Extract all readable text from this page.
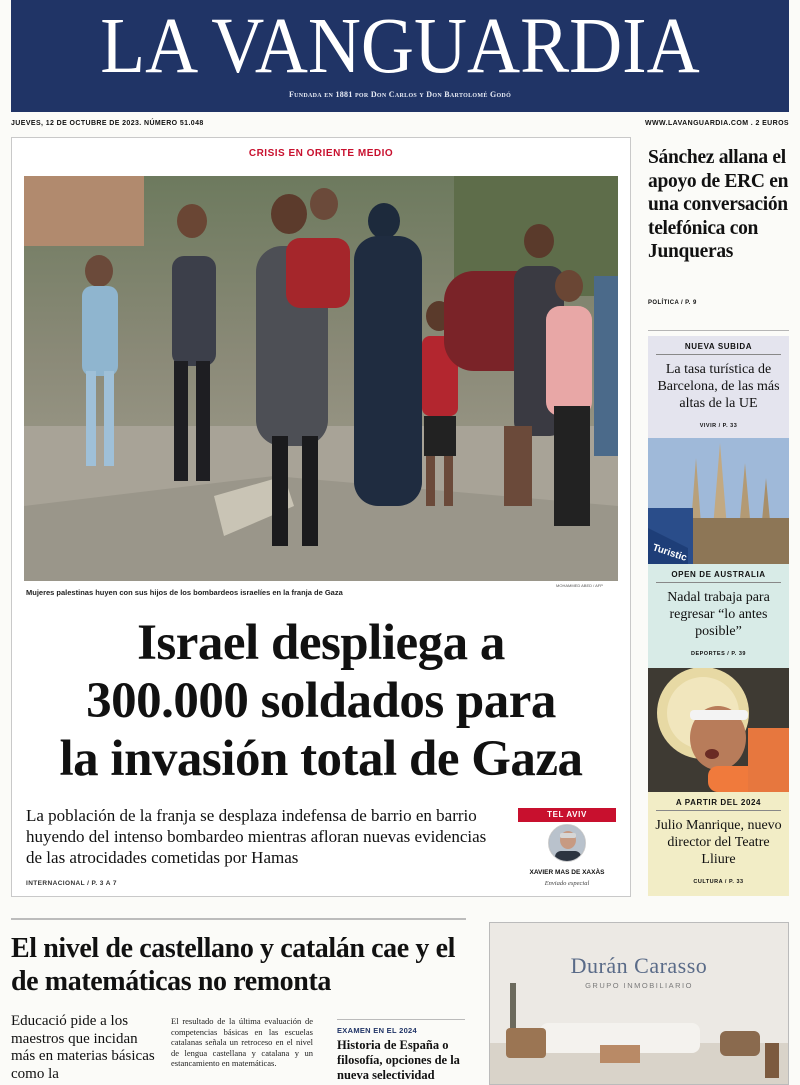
LA VANGUARDIA
Fundada en 1881 por Don Carlos y Don Bartolomé Godó
JUEVES, 12 DE OCTUBRE DE 2023. NÚMERO 51.048	WWW.LAVANGUARDIA.COM . 2 EUROS
CRISIS EN ORIENTE MEDIO
MOHAMMED ABED / AFP
Mujeres palestinas huyen con sus hijos de los bombardeos israelíes en la franja de Gaza
Israel despliega a
300.000 soldados para
la invasión total de Gaza
La población de la franja se desplaza indefensa de barrio en barrio huyendo del intenso bombardeo mientras afloran nuevas evidencias de las atrocidades cometidas por Hamas
INTERNACIONAL / P. 3 A 7
TEL AVIV
XAVIER MAS DE XAXÀS
Enviado especial
Sánchez allana el apoyo de ERC en una conversación telefónica con Junqueras
POLÍTICA / P. 9
NUEVA SUBIDA
La tasa turística de Barcelona, de las más altas de la UE
VIVIR / P. 33
Turistic
OPEN DE AUSTRALIA
Nadal trabaja para regresar “lo antes posible”
DEPORTES / P. 39
A PARTIR DEL 2024
Julio Manrique, nuevo director del Teatre Lliure
CULTURA / P. 33
El nivel de castellano y catalán cae y el de matemáticas no remonta
Educació pide a los maestros que incidan más en materias básicas como la
El resultado de la última evaluación de competencias básicas en las escuelas catalanas señala un retroceso en el nivel de lengua castellana y catalana y un estancamiento en matemáticas.
EXAMEN EN EL 2024
Historia de España o filosofía, opciones de la nueva selectividad
Durán Carasso
GRUPO INMOBILIARIO
